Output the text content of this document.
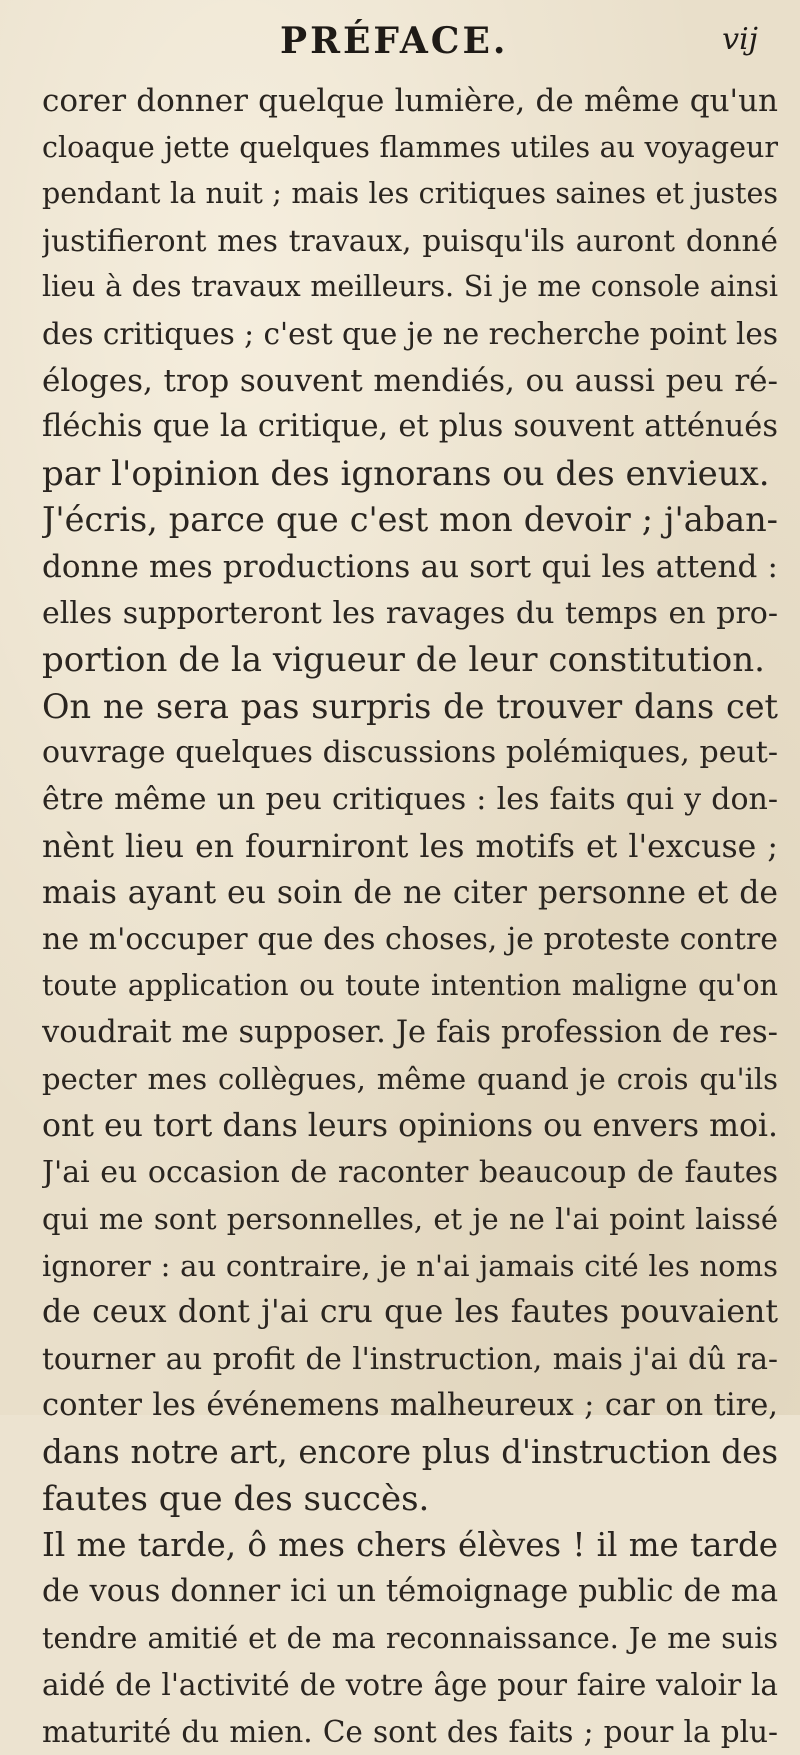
PRÉFACE.	vij
corer donner quelque lumière, de même qu'un
cloaque jette quelques flammes utiles au voyageur
pendant la nuit ; mais les critiques saines et justes
justifieront mes travaux, puisqu'ils auront donné
lieu à des travaux meilleurs. Si je me console ainsi
des critiques ; c'est que je ne recherche point les
éloges, trop souvent mendiés, ou aussi peu ré-
fléchis que la critique, et plus souvent atténués
par l'opinion des ignorans ou des envieux.
J'écris, parce que c'est mon devoir ; j'aban-
donne mes productions au sort qui les attend :
elles supporteront les ravages du temps en pro-
portion de la vigueur de leur constitution.
On ne sera pas surpris de trouver dans cet
ouvrage quelques discussions polémiques, peut-
être même un peu critiques : les faits qui y don-
nènt lieu en fourniront les motifs et l'excuse ;
mais ayant eu soin de ne citer personne et de
ne m'occuper que des choses, je proteste contre
toute application ou toute intention maligne qu'on
voudrait me supposer. Je fais profession de res-
pecter mes collègues, même quand je crois qu'ils
ont eu tort dans leurs opinions ou envers moi.
J'ai eu occasion de raconter beaucoup de fautes
qui me sont personnelles, et je ne l'ai point laissé
ignorer : au contraire, je n'ai jamais cité les noms
de ceux dont j'ai cru que les fautes pouvaient
tourner au profit de l'instruction, mais j'ai dû ra-
conter les événemens malheureux ; car on tire,
dans notre art, encore plus d'instruction des
fautes que des succès.
Il me tarde, ô mes chers élèves ! il me tarde
de vous donner ici un témoignage public de ma
tendre amitié et de ma reconnaissance. Je me suis
aidé de l'activité de votre âge pour faire valoir la
maturité du mien. Ce sont des faits ; pour la plu-
